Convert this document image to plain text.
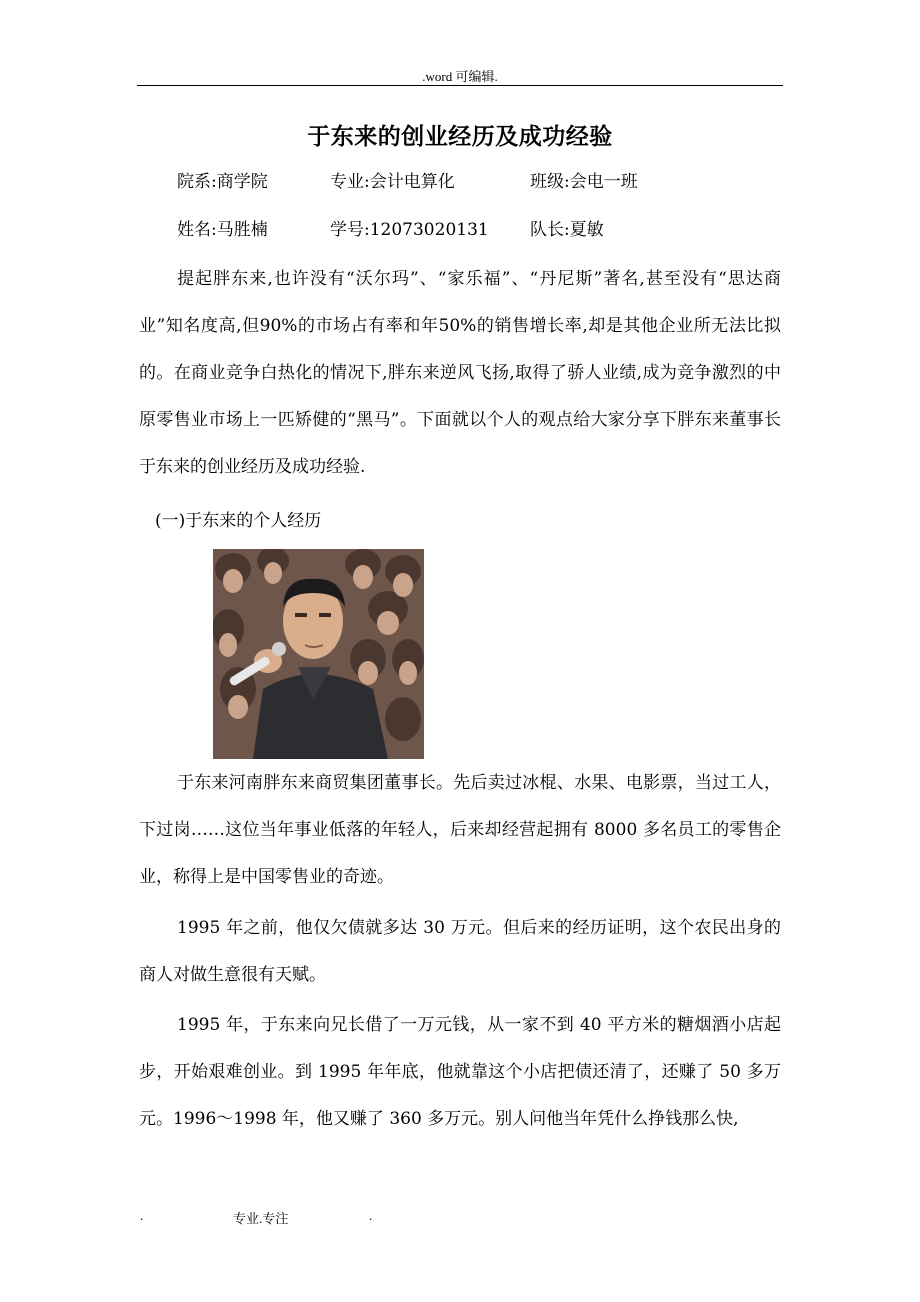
.word 可编辑.
于东来的创业经历及成功经验
院系:商学院	专业:会计电算化	班级:会电一班
姓名:马胜楠	学号:12073020131 队长:夏敏

提起胖东来,也许没有“沃尔玛”、“家乐福”、“丹尼斯”著名,甚至没有“思达商业”知名度高,但90%的市场占有率和年50%的销售增长率,却是其他企业所无法比拟的。在商业竞争白热化的情况下,胖东来逆风飞扬,取得了骄人业绩,成为竞争激烈的中原零售业市场上一匹矫健的“黑马”。下面就以个人的观点给大家分享下胖东来董事长于东来的创业经历及成功经验.

(一)于东来的个人经历

于东来河南胖东来商贸集团董事长。先后卖过冰棍、水果、电影票，当过工人，下过岗……这位当年事业低落的年轻人，后来却经营起拥有 8000 多名员工的零售企业，称得上是中国零售业的奇迹。

1995 年之前，他仅欠债就多达 30 万元。但后来的经历证明，这个农民出身的商人对做生意很有天赋。

1995 年，于东来向兄长借了一万元钱，从一家不到 40 平方米的糖烟酒小店起步，开始艰难创业。到 1995 年年底，他就靠这个小店把债还清了，还赚了 50 多万元。1996～1998 年，他又赚了 360 多万元。别人问他当年凭什么挣钱那么快,

.	专业.专注	.
